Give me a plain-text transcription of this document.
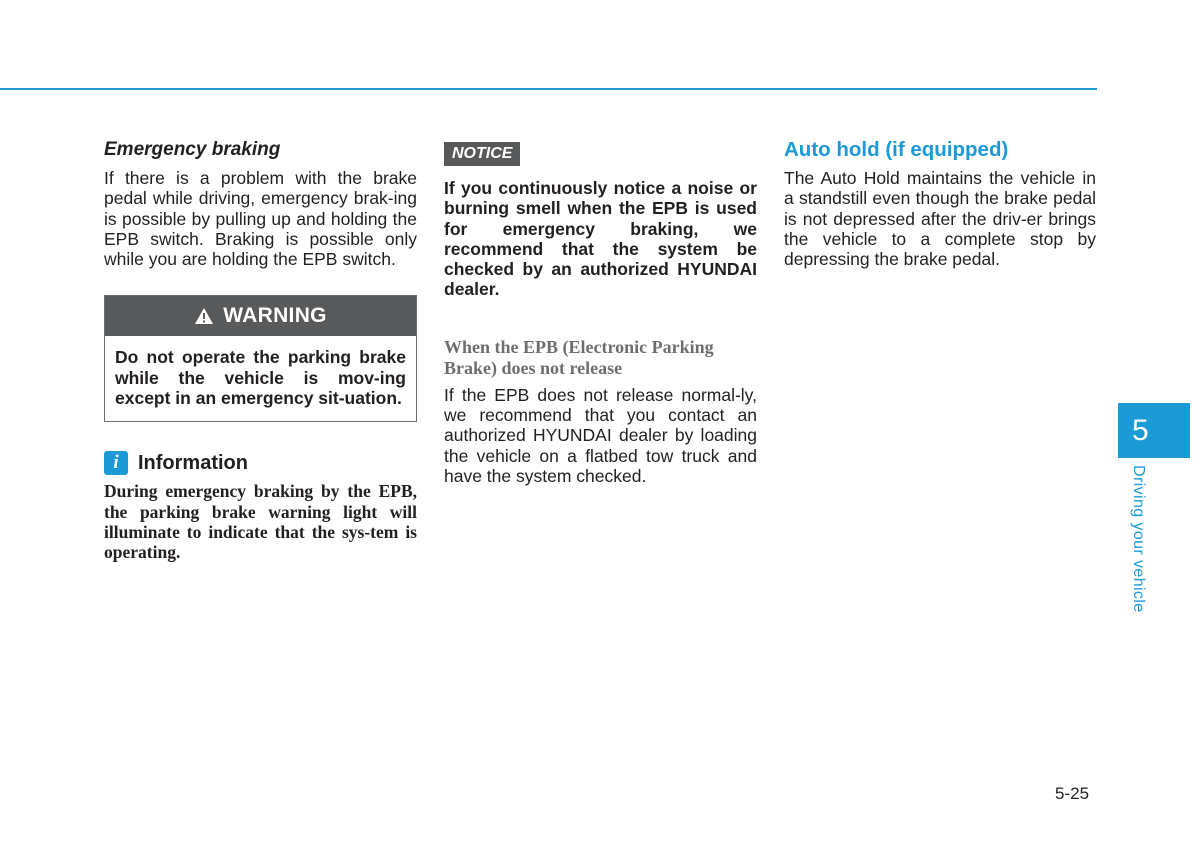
Emergency braking

If there is a problem with the brake pedal while driving, emergency brak-ing is possible by pulling up and holding the EPB switch. Braking is possible only while you are holding the EPB switch.

WARNING

Do not operate the parking brake while the vehicle is mov-ing except in an emergency sit-uation.

i Information

During emergency braking by the EPB, the parking brake warning light will illuminate to indicate that the sys-tem is operating.

NOTICE

If you continuously notice a noise or burning smell when the EPB is used for emergency braking, we recommend that the system be checked by an authorized HYUNDAI dealer.

When the EPB (Electronic Parking Brake) does not release

If the EPB does not release normal-ly, we recommend that you contact an authorized HYUNDAI dealer by loading the vehicle on a flatbed tow truck and have the system checked.

Auto hold (if equipped)

The Auto Hold maintains the vehicle in a standstill even though the brake pedal is not depressed after the driv-er brings the vehicle to a complete stop by depressing the brake pedal.

5
Driving your vehicle
5-25
